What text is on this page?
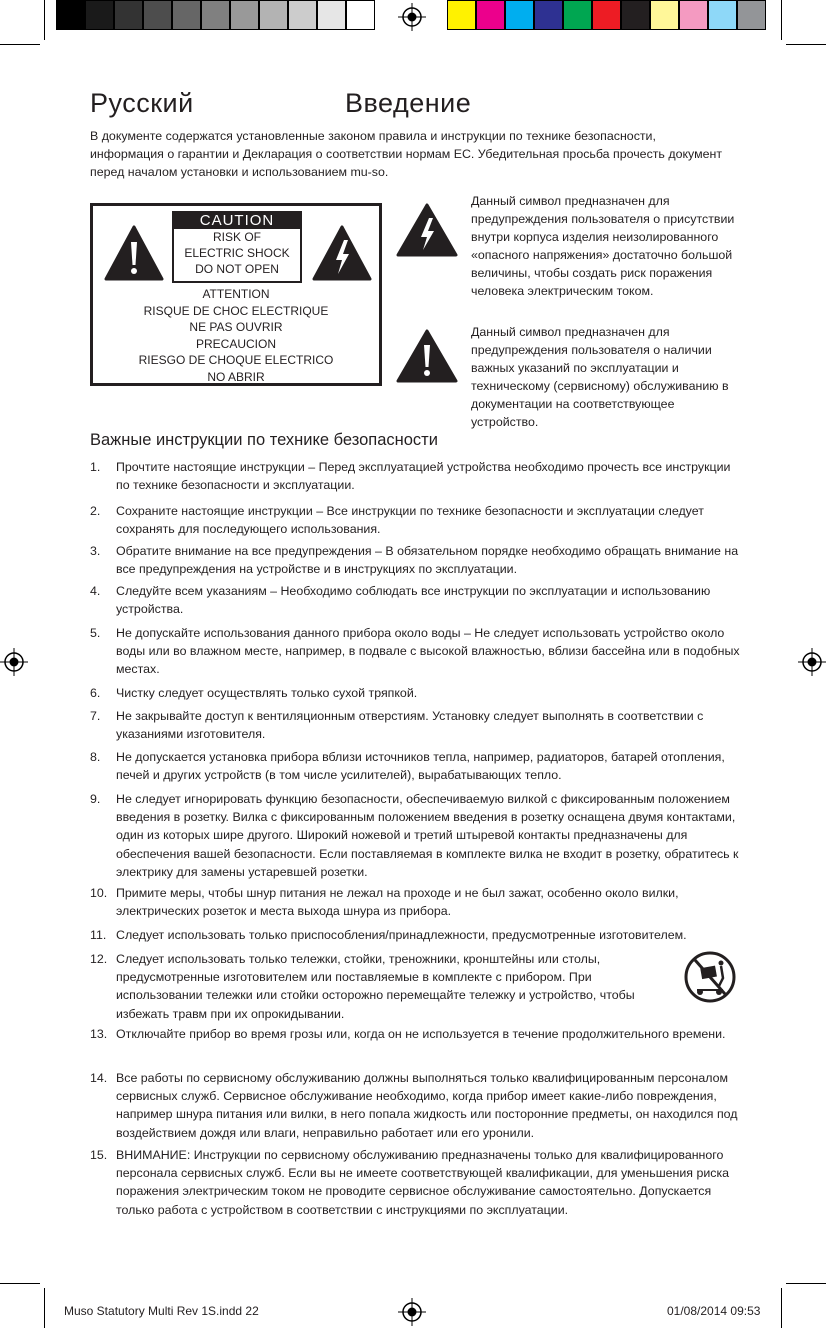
Русский	Введение
В документе содержатся установленные законом правила и инструкции по технике безопасности, информация о гарантии и Декларация о соответствии нормам ЕС. Убедительная просьба прочесть документ перед началом установки и использованием mu-so.
CAUTION
RISK OF
ELECTRIC SHOCK
DO NOT OPEN
ATTENTION
RISQUE DE CHOC ELECTRIQUE
NE PAS OUVRIR
PRECAUCION
RIESGO DE CHOQUE ELECTRICO
NO ABRIR
Данный символ предназначен для предупреждения пользователя о присутствии внутри корпуса изделия неизолированного «опасного напряжения» достаточно большой величины, чтобы создать риск поражения человека электрическим током.
Данный символ предназначен для предупреждения пользователя о наличии важных указаний по эксплуатации и техническому (сервисному) обслуживанию в документации на соответствующее устройство.
Важные инструкции по технике безопасности
1. Прочтите настоящие инструкции – Перед эксплуатацией устройства необходимо прочесть все инструкции по технике безопасности и эксплуатации.
2. Сохраните настоящие инструкции – Все инструкции по технике безопасности и эксплуатации следует сохранять для последующего использования.
3. Обратите внимание на все предупреждения – В обязательном порядке необходимо обращать внимание на все предупреждения на устройстве и в инструкциях по эксплуатации.
4. Следуйте всем указаниям – Необходимо соблюдать все инструкции по эксплуатации и использованию устройства.
5. Не допускайте использования данного прибора около воды – Не следует использовать устройство около воды или во влажном месте, например, в подвале с высокой влажностью, вблизи бассейна или в подобных местах.
6. Чистку следует осуществлять только сухой тряпкой.
7. Не закрывайте доступ к вентиляционным отверстиям. Установку следует выполнять в соответствии с указаниями изготовителя.
8. Не допускается установка прибора вблизи источников тепла, например, радиаторов, батарей отопления, печей и других устройств (в том числе усилителей), вырабатывающих тепло.
9. Не следует игнорировать функцию безопасности, обеспечиваемую вилкой с фиксированным положением введения в розетку. Вилка с фиксированным положением введения в розетку оснащена двумя контактами, один из которых шире другого. Широкий ножевой и третий штыревой контакты предназначены для обеспечения вашей безопасности. Если поставляемая в комплекте вилка не входит в розетку, обратитесь к электрику для замены устаревшей розетки.
10. Примите меры, чтобы шнур питания не лежал на проходе и не был зажат, особенно около вилки, электрических розеток и места выхода шнура из прибора.
11. Следует использовать только приспособления/принадлежности, предусмотренные изготовителем.
12. Следует использовать только тележки, стойки, треножники, кронштейны или столы, предусмотренные изготовителем или поставляемые в комплекте с прибором. При использовании тележки или стойки осторожно перемещайте тележку и устройство, чтобы избежать травм при их опрокидывании.
13. Отключайте прибор во время грозы или, когда он не используется в течение продолжительного времени.
14. Все работы по сервисному обслуживанию должны выполняться только квалифицированным персоналом сервисных служб. Сервисное обслуживание необходимо, когда прибор имеет какие-либо повреждения, например шнура питания или вилки, в него попала жидкость или посторонние предметы, он находился под воздействием дождя или влаги, неправильно работает или его уронили.
15. ВНИМАНИЕ: Инструкции по сервисному обслуживанию предназначены только для квалифицированного персонала сервисных служб. Если вы не имеете соответствующей квалификации, для уменьшения риска поражения электрическим током не проводите сервисное обслуживание самостоятельно. Допускается только работа с устройством в соответствии с инструкциями по эксплуатации.
Muso Statutory Multi Rev 1S.indd 22	01/08/2014 09:53
